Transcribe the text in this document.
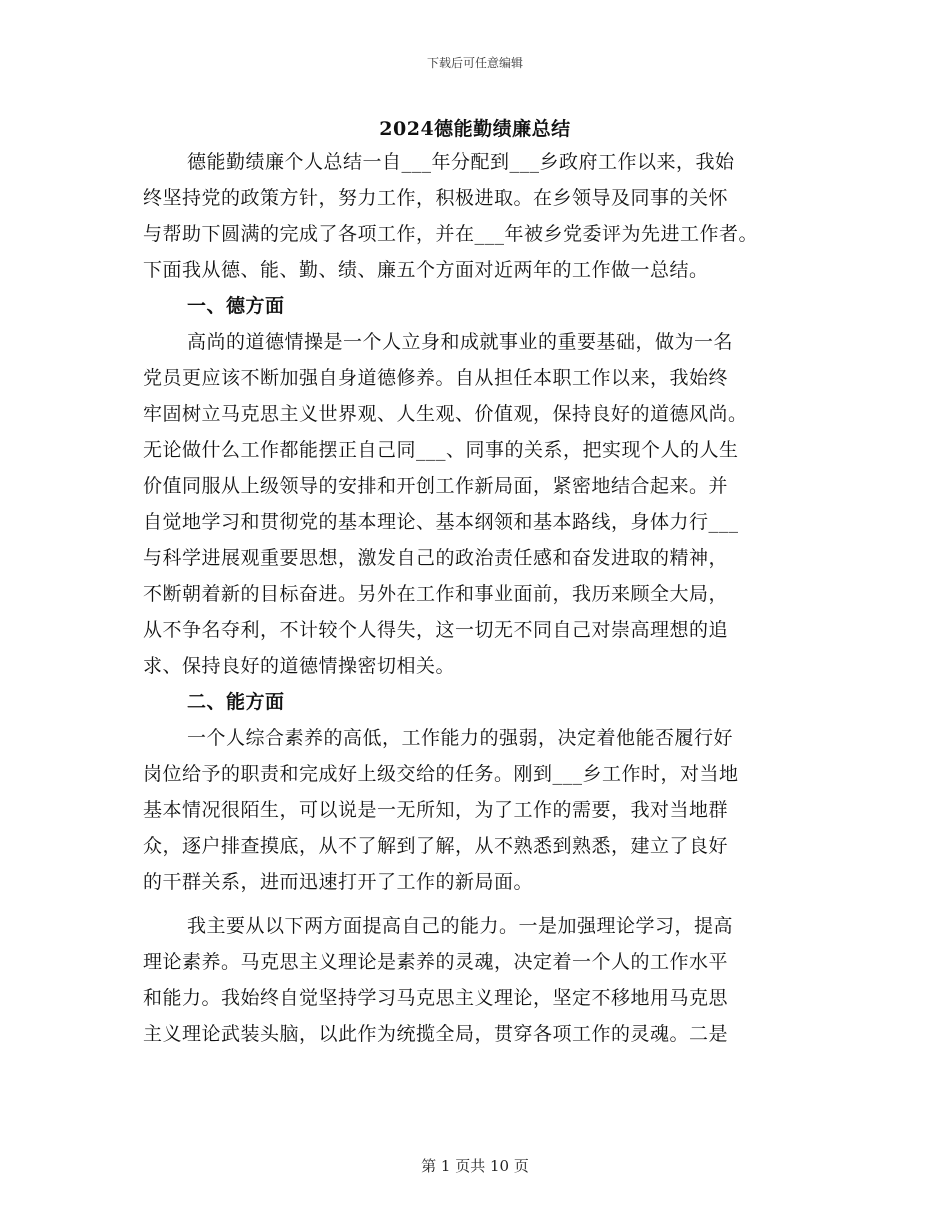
下载后可任意编辑
2024德能勤绩廉总结
德能勤绩廉个人总结一自___年分配到___乡政府工作以来，我始
终坚持党的政策方针，努力工作，积极进取。在乡领导及同事的关怀
与帮助下圆满的完成了各项工作，并在___年被乡党委评为先进工作者。
下面我从德、能、勤、绩、廉五个方面对近两年的工作做一总结。
一、德方面
高尚的道德情操是一个人立身和成就事业的重要基础，做为一名
党员更应该不断加强自身道德修养。自从担任本职工作以来，我始终
牢固树立马克思主义世界观、人生观、价值观，保持良好的道德风尚。
无论做什么工作都能摆正自己同___、同事的关系，把实现个人的人生
价值同服从上级领导的安排和开创工作新局面，紧密地结合起来。并
自觉地学习和贯彻党的基本理论、基本纲领和基本路线，身体力行___
与科学进展观重要思想，激发自己的政治责任感和奋发进取的精神，
不断朝着新的目标奋进。另外在工作和事业面前，我历来顾全大局，
从不争名夺利，不计较个人得失，这一切无不同自己对崇高理想的追
求、保持良好的道德情操密切相关。
二、能方面
一个人综合素养的高低，工作能力的强弱，决定着他能否履行好
岗位给予的职责和完成好上级交给的任务。刚到___乡工作时，对当地
基本情况很陌生，可以说是一无所知，为了工作的需要，我对当地群
众，逐户排查摸底，从不了解到了解，从不熟悉到熟悉，建立了良好
的干群关系，进而迅速打开了工作的新局面。
我主要从以下两方面提高自己的能力。一是加强理论学习，提高
理论素养。马克思主义理论是素养的灵魂，决定着一个人的工作水平
和能力。我始终自觉坚持学习马克思主义理论，坚定不移地用马克思
主义理论武装头脑，以此作为统揽全局，贯穿各项工作的灵魂。二是
第 1 页共 10 页
